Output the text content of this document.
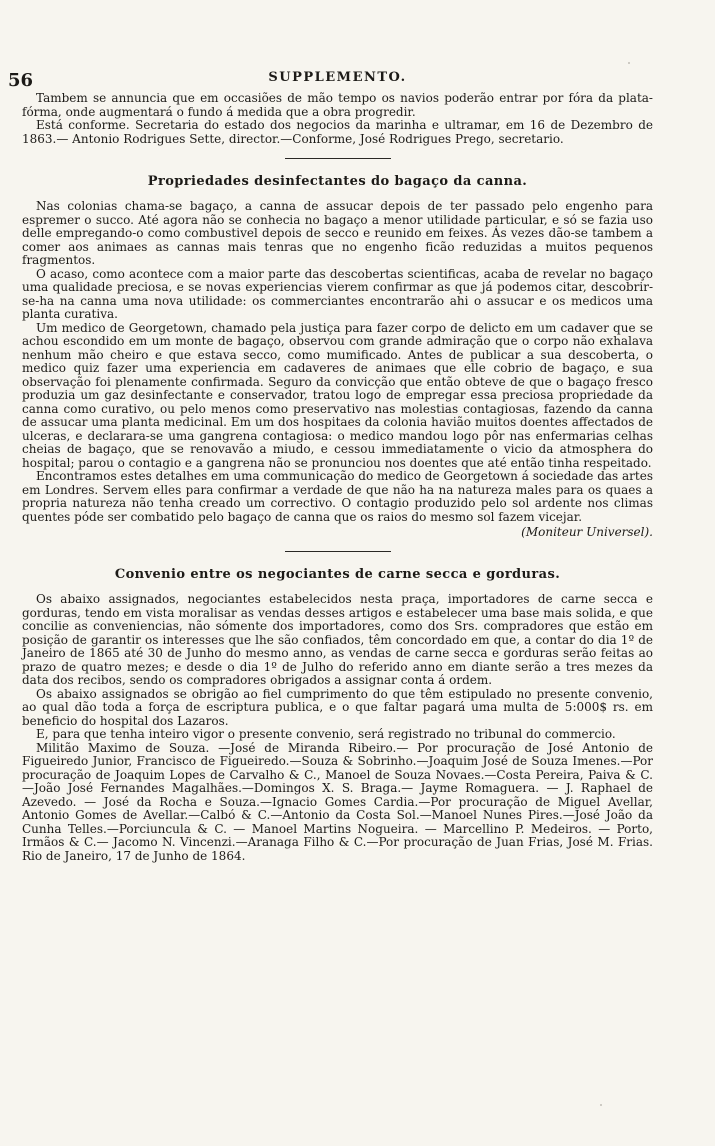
56	SUPPLEMENTO.

Tambem se annuncia que em occasiões de mão tempo os navios poderão entrar por fóra da plata-fórma, onde augmentará o fundo á medida que a obra progredir.

Está conforme. Secretaria do estado dos negocios da marinha e ultramar, em 16 de Dezembro de 1863.— Antonio Rodrigues Sette, director.—Conforme, José Rodrigues Prego, secretario.

Propriedades desinfectantes do bagaço da canna.

Nas colonias chama-se bagaço, a canna de assucar depois de ter passado pelo engenho para espremer o succo. Até agora não se conhecia no bagaço a menor utilidade particular, e só se fazia uso delle empregando-o como combustivel depois de secco e reunido em feixes. Ás vezes dão-se tambem a comer aos animaes as cannas mais tenras que no engenho ficão reduzidas a muitos pequenos fragmentos.

O acaso, como acontece com a maior parte das descobertas scientificas, acaba de revelar no bagaço uma qualidade preciosa, e se novas experiencias vierem confirmar as que já podemos citar, descobrir-se-ha na canna uma nova utilidade: os commerciantes encontrarão ahi o assucar e os medicos uma planta curativa.

Um medico de Georgetown, chamado pela justiça para fazer corpo de delicto em um cadaver que se achou escondido em um monte de bagaço, observou com grande admiração que o corpo não exhalava nenhum mão cheiro e que estava secco, como mumificado. Antes de publicar a sua descoberta, o medico quiz fazer uma experiencia em cadaveres de animaes que elle cobrio de bagaço, e sua observação foi plenamente confirmada. Seguro da convicção que então obteve de que o bagaço fresco produzia um gaz desinfectante e conservador, tratou logo de empregar essa preciosa propriedade da canna como curativo, ou pelo menos como preservativo nas molestias contagiosas, fazendo da canna de assucar uma planta medicinal. Em um dos hospitaes da colonia havião muitos doentes affectados de ulceras, e declarara-se uma gangrena contagiosa: o medico mandou logo pôr nas enfermarias celhas cheias de bagaço, que se renovavão a miudo, e cessou immediatamente o vicio da atmosphera do hospital; parou o contagio e a gangrena não se pronunciou nos doentes que até então tinha respeitado.

Encontramos estes detalhes em uma communicação do medico de Georgetown á sociedade das artes em Londres. Servem elles para confirmar a verdade de que não ha na natureza males para os quaes a propria natureza não tenha creado um correctivo. O contagio produzido pelo sol ardente nos climas quentes póde ser combatido pelo bagaço de canna que os raios do mesmo sol fazem vicejar.

(Moniteur Universel).
Convenio entre os negociantes de carne secca e gorduras.

Os abaixo assignados, negociantes estabelecidos nesta praça, importadores de carne secca e gorduras, tendo em vista moralisar as vendas desses artigos e estabelecer uma base mais solida, e que concilie as conveniencias, não sómente dos importadores, como dos Srs. compradores que estão em posição de garantir os interesses que lhe são confiados, têm concordado em que, a contar do dia 1º de Janeiro de 1865 até 30 de Junho do mesmo anno, as vendas de carne secca e gorduras serão feitas ao prazo de quatro mezes; e desde o dia 1º de Julho do referido anno em diante serão a tres mezes da data dos recibos, sendo os compradores obrigados a assignar conta á ordem.

Os abaixo assignados se obrigão ao fiel cumprimento do que têm estipulado no presente convenio, ao qual dão toda a força de escriptura publica, e o que faltar pagará uma multa de 5:000$ rs. em beneficio do hospital dos Lazaros.

E, para que tenha inteiro vigor o presente convenio, será registrado no tribunal do commercio.

Militão Maximo de Souza. —José de Miranda Ribeiro.— Por procuração de José Antonio de Figueiredo Junior, Francisco de Figueiredo.—Souza & Sobrinho.—Joaquim José de Souza Imenes.—Por procuração de Joaquim Lopes de Carvalho & C., Manoel de Souza Novaes.—Costa Pereira, Paiva & C.—João José Fernandes Magalhães.—Domingos X. S. Braga.— Jayme Romaguera. — J. Raphael de Azevedo. — José da Rocha e Souza.—Ignacio Gomes Cardia.—Por procuração de Miguel Avellar, Antonio Gomes de Avellar.—Calbó & C.—Antonio da Costa Sol.—Manoel Nunes Pires.—José João da Cunha Telles.—Porciuncula & C. — Manoel Martins Nogueira. — Marcellino P. Medeiros. — Porto, Irmãos & C.— Jacomo N. Vincenzi.—Aranaga Filho & C.—Por procuração de Juan Frias, José M. Frias. Rio de Janeiro, 17 de Junho de 1864.
